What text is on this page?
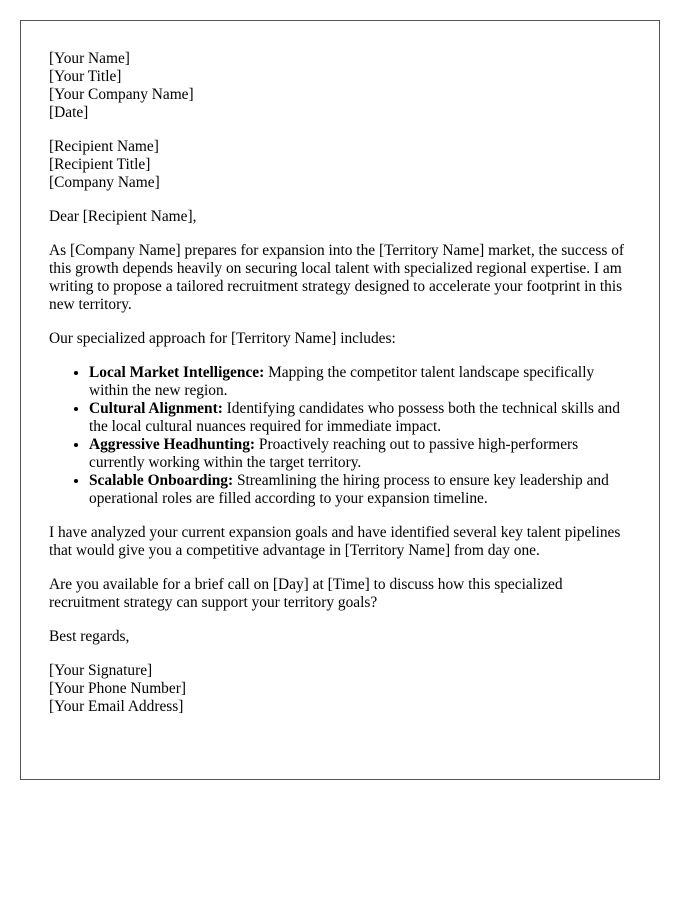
[Your Name]
[Your Title]
[Your Company Name]
[Date]
[Recipient Name]
[Recipient Title]
[Company Name]

Dear [Recipient Name],

As [Company Name] prepares for expansion into the [Territory Name] market, the success of this growth depends heavily on securing local talent with specialized regional expertise. I am writing to propose a tailored recruitment strategy designed to accelerate your footprint in this new territory.

Our specialized approach for [Territory Name] includes:

• Local Market Intelligence: Mapping the competitor talent landscape specifically within the new region.
• Cultural Alignment: Identifying candidates who possess both the technical skills and the local cultural nuances required for immediate impact.
• Aggressive Headhunting: Proactively reaching out to passive high-performers currently working within the target territory.
• Scalable Onboarding: Streamlining the hiring process to ensure key leadership and operational roles are filled according to your expansion timeline.

I have analyzed your current expansion goals and have identified several key talent pipelines that would give you a competitive advantage in [Territory Name] from day one.

Are you available for a brief call on [Day] at [Time] to discuss how this specialized recruitment strategy can support your territory goals?

Best regards,

[Your Signature]
[Your Phone Number]
[Your Email Address]
